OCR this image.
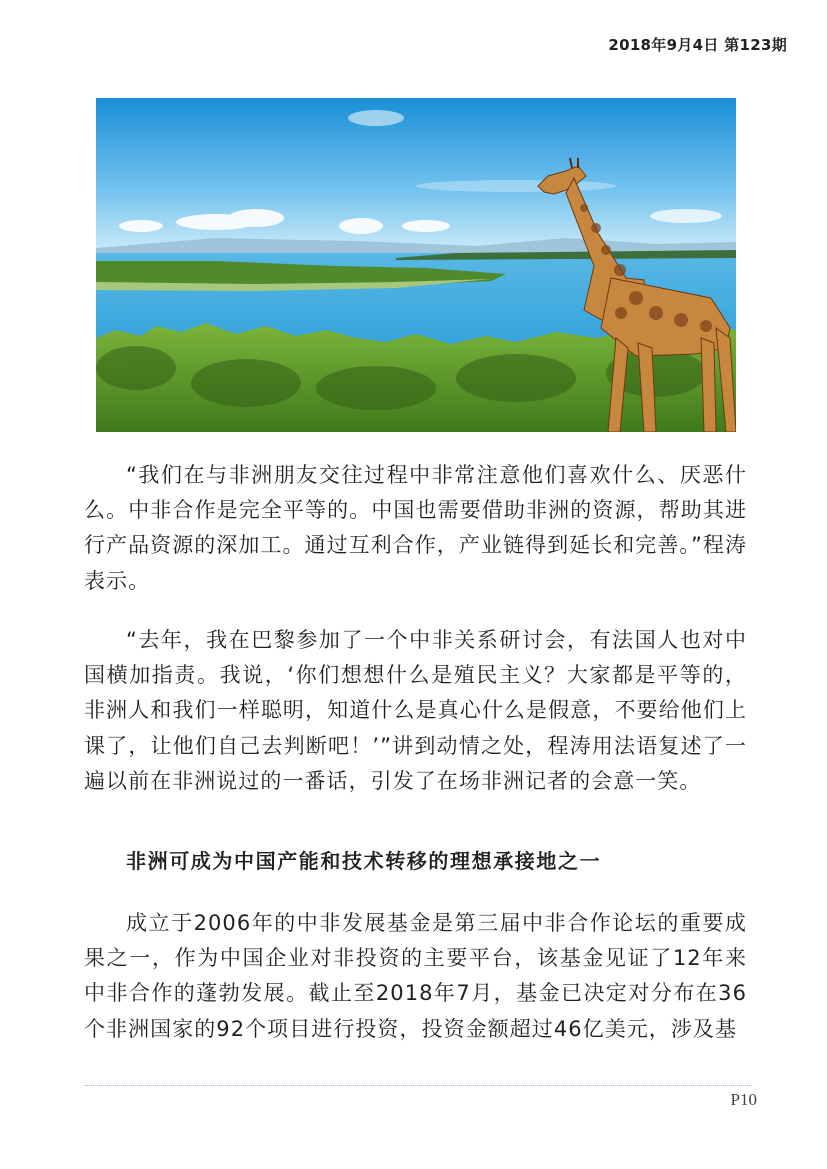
2018年9月4日 第123期

“我们在与非洲朋友交往过程中非常注意他们喜欢什么、厌恶什么。中非合作是完全平等的。中国也需要借助非洲的资源，帮助其进行产品资源的深加工。通过互利合作，产业链得到延长和完善。”程涛表示。

“去年，我在巴黎参加了一个中非关系研讨会，有法国人也对中国横加指责。我说，‘你们想想什么是殖民主义？大家都是平等的，非洲人和我们一样聪明，知道什么是真心什么是假意，不要给他们上课了，让他们自己去判断吧！’”讲到动情之处，程涛用法语复述了一遍以前在非洲说过的一番话，引发了在场非洲记者的会意一笑。

非洲可成为中国产能和技术转移的理想承接地之一

成立于2006年的中非发展基金是第三届中非合作论坛的重要成果之一，作为中国企业对非投资的主要平台，该基金见证了12年来中非合作的蓬勃发展。截止至2018年7月，基金已决定对分布在36个非洲国家的92个项目进行投资，投资金额超过46亿美元，涉及基

P10
